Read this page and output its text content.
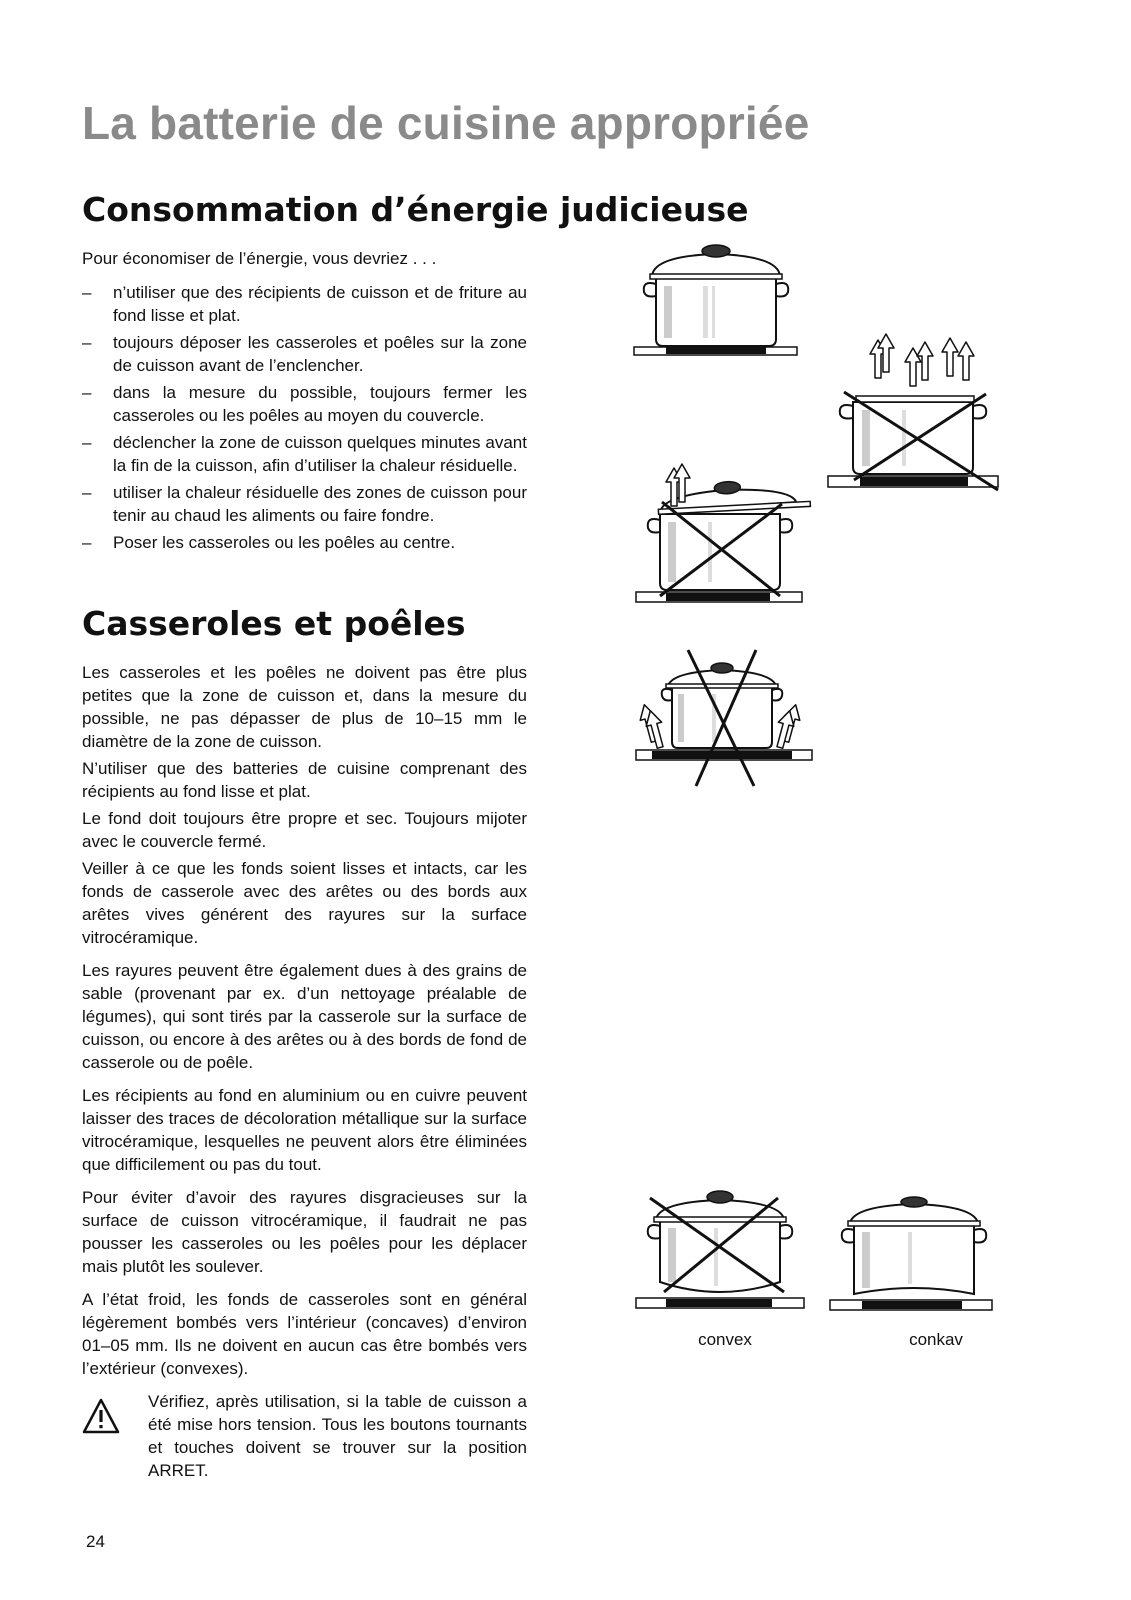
La batterie de cuisine appropriée
Consommation d’énergie judicieuse
Pour économiser de l’énergie, vous devriez . . .
– n’utiliser que des récipients de cuisson et de friture au fond lisse et plat.
– toujours déposer les casseroles et poêles sur la zone de cuisson avant de l’enclencher.
– dans la mesure du possible, toujours fermer les casseroles ou les poêles au moyen du couvercle.
– déclencher la zone de cuisson quelques minutes avant la fin de la cuisson, afin d’utiliser la chaleur résiduelle.
– utiliser la chaleur résiduelle des zones de cuisson pour tenir au chaud les aliments ou faire fondre.
– Poser les casseroles ou les poêles au centre.
Casseroles et poêles

Les casseroles et les poêles ne doivent pas être plus petites que la zone de cuisson et, dans la mesure du possible, ne pas dépasser de plus de 10–15 mm le diamètre de la zone de cuisson.

N’utiliser que des batteries de cuisine comprenant des récipients au fond lisse et plat.

Le fond doit toujours être propre et sec. Toujours mijoter avec le couvercle fermé.

Veiller à ce que les fonds soient lisses et intacts, car les fonds de casserole avec des arêtes ou des bords aux arêtes vives générent des rayures sur la surface vitrocéramique.

Les rayures peuvent être également dues à des grains de sable (provenant par ex. d’un nettoyage préalable de légumes), qui sont tirés par la casserole sur la surface de cuisson, ou encore à des arêtes ou à des bords de fond de casserole ou de poêle.

Les récipients au fond en aluminium ou en cuivre peuvent laisser des traces de décoloration métallique sur la surface vitrocéramique, lesquelles ne peuvent alors être éliminées que difficilement ou pas du tout.

Pour éviter d’avoir des rayures disgracieuses sur la surface de cuisson vitrocéramique, il faudrait ne pas pousser les casseroles ou les poêles pour les déplacer mais plutôt les soulever.

A l’état froid, les fonds de casseroles sont en général légèrement bombés vers l’intérieur (concaves) d’environ 01–05 mm. Ils ne doivent en aucun cas être bombés vers l’extérieur (convexes).

Vérifiez, après utilisation, si la table de cuisson a été mise hors tension. Tous les boutons tournants et touches doivent se trouver sur la position ARRET.
24
convex	conkav
